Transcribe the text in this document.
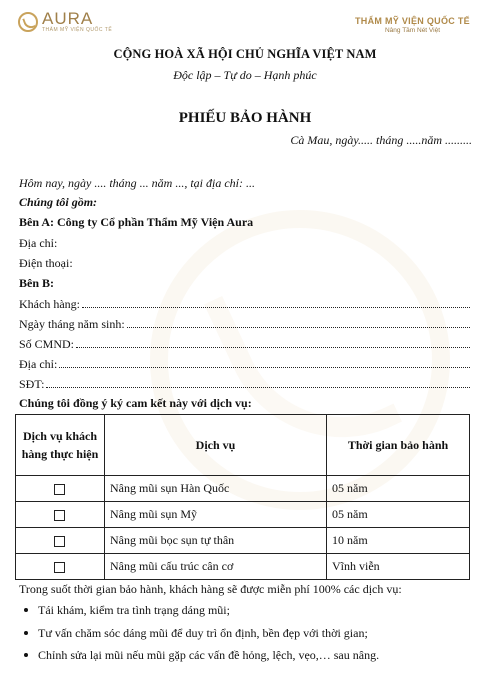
AURA
THẨM MỸ VIỆN QUỐC TẾ
THẨM MỸ VIỆN QUỐC TẾ
Nâng Tầm Nét Việt
CỘNG HOÀ XÃ HỘI CHỦ NGHĨA VIỆT NAM
Độc lập – Tự do – Hạnh phúc
PHIẾU BẢO HÀNH
Cà Mau, ngày..... tháng .....năm .........
Hôm nay, ngày .... tháng ... năm ..., tại địa chỉ: ...
Chúng tôi gồm:
Bên A: Công ty Cổ phần Thẩm Mỹ Viện Aura
Địa chỉ:
Điện thoại:
Bên B:
Khách hàng:
Ngày tháng năm sinh:
Số CMND:
Địa chỉ:
SĐT:
Chúng tôi đồng ý ký cam kết này với dịch vụ:
Dịch vụ khách hàng thực hiện	Dịch vụ	Thời gian bảo hành
	Nâng mũi sụn Hàn Quốc	05 năm
	Nâng mũi sụn Mỹ	05 năm
	Nâng mũi bọc sụn tự thân	10 năm
	Nâng mũi cấu trúc cân cơ	Vĩnh viễn
Trong suốt thời gian bảo hành, khách hàng sẽ được miễn phí 100% các dịch vụ:
Tái khám, kiểm tra tình trạng dáng mũi;
Tư vấn chăm sóc dáng mũi để duy trì ổn định, bền đẹp với thời gian;
Chỉnh sửa lại mũi nếu mũi gặp các vấn đề hỏng, lệch, vẹo,… sau nâng.
